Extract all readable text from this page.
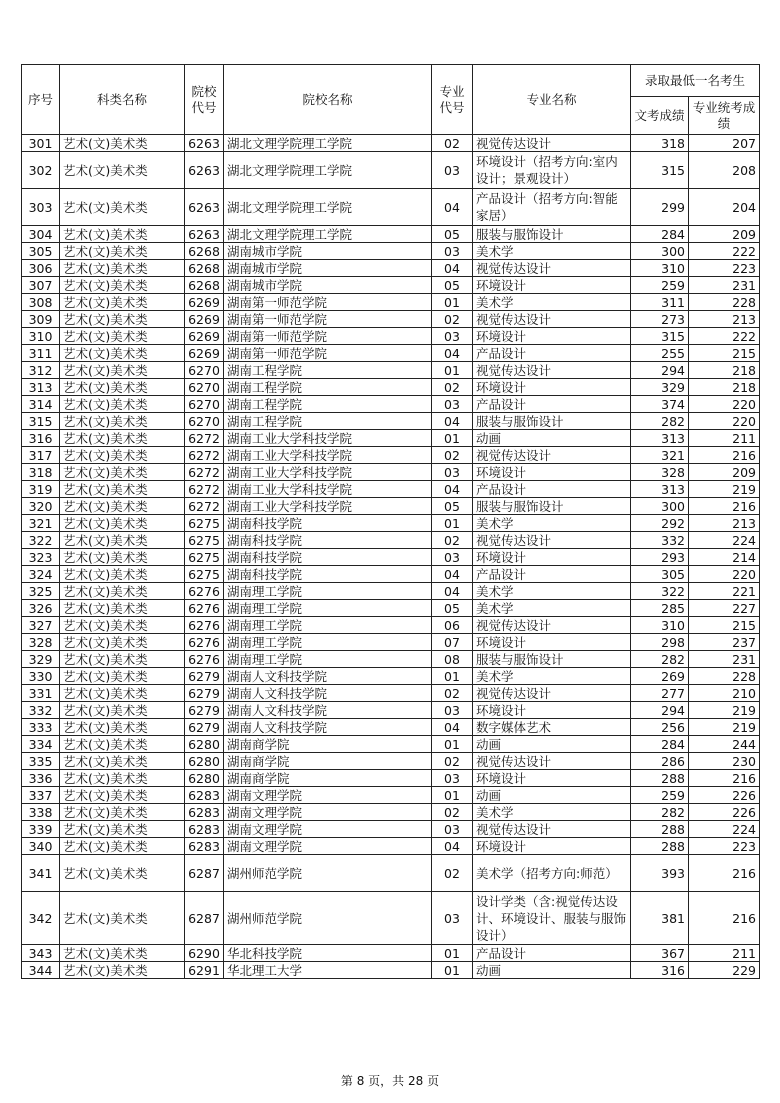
序号	科类名称	院校代号	院校名称	专业代号	专业名称	录取最低一名考生	
						文考成绩	专业统考成绩
301	艺术(文)美术类	6263	湖北文理学院理工学院	02	视觉传达设计	318	207
302	艺术(文)美术类	6263	湖北文理学院理工学院	03	环境设计（招考方向:室内设计；景观设计）	315	208
303	艺术(文)美术类	6263	湖北文理学院理工学院	04	产品设计（招考方向:智能家居）	299	204
304	艺术(文)美术类	6263	湖北文理学院理工学院	05	服装与服饰设计	284	209
305	艺术(文)美术类	6268	湖南城市学院	03	美术学	300	222
306	艺术(文)美术类	6268	湖南城市学院	04	视觉传达设计	310	223
307	艺术(文)美术类	6268	湖南城市学院	05	环境设计	259	231
308	艺术(文)美术类	6269	湖南第一师范学院	01	美术学	311	228
309	艺术(文)美术类	6269	湖南第一师范学院	02	视觉传达设计	273	213
310	艺术(文)美术类	6269	湖南第一师范学院	03	环境设计	315	222
311	艺术(文)美术类	6269	湖南第一师范学院	04	产品设计	255	215
312	艺术(文)美术类	6270	湖南工程学院	01	视觉传达设计	294	218
313	艺术(文)美术类	6270	湖南工程学院	02	环境设计	329	218
314	艺术(文)美术类	6270	湖南工程学院	03	产品设计	374	220
315	艺术(文)美术类	6270	湖南工程学院	04	服装与服饰设计	282	220
316	艺术(文)美术类	6272	湖南工业大学科技学院	01	动画	313	211
317	艺术(文)美术类	6272	湖南工业大学科技学院	02	视觉传达设计	321	216
318	艺术(文)美术类	6272	湖南工业大学科技学院	03	环境设计	328	209
319	艺术(文)美术类	6272	湖南工业大学科技学院	04	产品设计	313	219
320	艺术(文)美术类	6272	湖南工业大学科技学院	05	服装与服饰设计	300	216
321	艺术(文)美术类	6275	湖南科技学院	01	美术学	292	213
322	艺术(文)美术类	6275	湖南科技学院	02	视觉传达设计	332	224
323	艺术(文)美术类	6275	湖南科技学院	03	环境设计	293	214
324	艺术(文)美术类	6275	湖南科技学院	04	产品设计	305	220
325	艺术(文)美术类	6276	湖南理工学院	04	美术学	322	221
326	艺术(文)美术类	6276	湖南理工学院	05	美术学	285	227
327	艺术(文)美术类	6276	湖南理工学院	06	视觉传达设计	310	215
328	艺术(文)美术类	6276	湖南理工学院	07	环境设计	298	237
329	艺术(文)美术类	6276	湖南理工学院	08	服装与服饰设计	282	231
330	艺术(文)美术类	6279	湖南人文科技学院	01	美术学	269	228
331	艺术(文)美术类	6279	湖南人文科技学院	02	视觉传达设计	277	210
332	艺术(文)美术类	6279	湖南人文科技学院	03	环境设计	294	219
333	艺术(文)美术类	6279	湖南人文科技学院	04	数字媒体艺术	256	219
334	艺术(文)美术类	6280	湖南商学院	01	动画	284	244
335	艺术(文)美术类	6280	湖南商学院	02	视觉传达设计	286	230
336	艺术(文)美术类	6280	湖南商学院	03	环境设计	288	216
337	艺术(文)美术类	6283	湖南文理学院	01	动画	259	226
338	艺术(文)美术类	6283	湖南文理学院	02	美术学	282	226
339	艺术(文)美术类	6283	湖南文理学院	03	视觉传达设计	288	224
340	艺术(文)美术类	6283	湖南文理学院	04	环境设计	288	223
341	艺术(文)美术类	6287	湖州师范学院	02	美术学（招考方向:师范）	393	216
342	艺术(文)美术类	6287	湖州师范学院	03	设计学类（含:视觉传达设计、环境设计、服装与服饰设计）	381	216
343	艺术(文)美术类	6290	华北科技学院	01	产品设计	367	211
344	艺术(文)美术类	6291	华北理工大学	01	动画	316	229
第 8 页，共 28 页
